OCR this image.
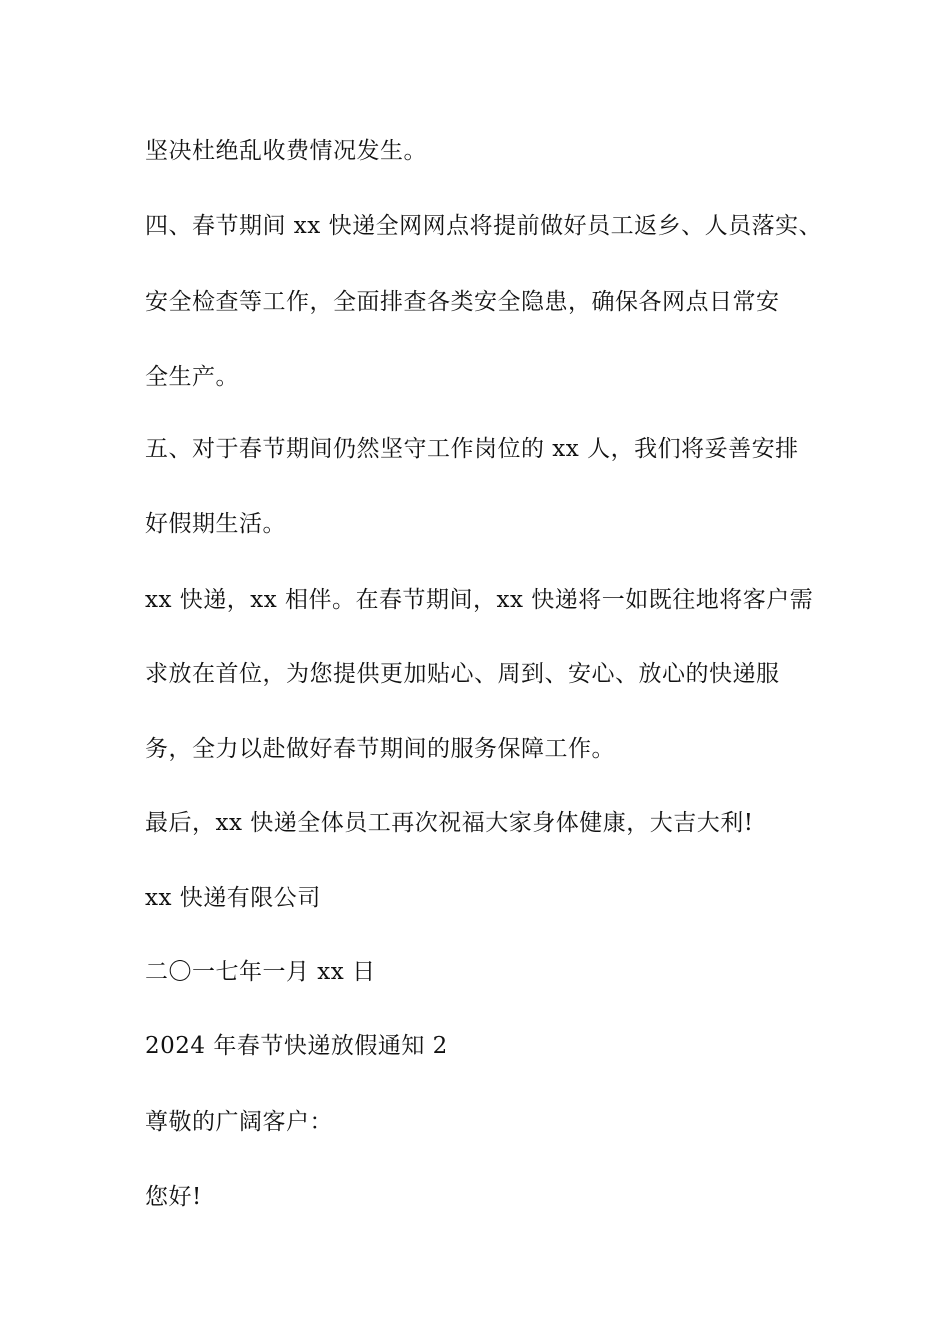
坚决杜绝乱收费情况发生。
四、春节期间 xx 快递全网网点将提前做好员工返乡、人员落实、
安全检查等工作，全面排查各类安全隐患，确保各网点日常安
全生产。
五、对于春节期间仍然坚守工作岗位的 xx 人，我们将妥善安排
好假期生活。
xx 快递，xx 相伴。在春节期间，xx 快递将一如既往地将客户需
求放在首位，为您提供更加贴心、周到、安心、放心的快递服
务，全力以赴做好春节期间的服务保障工作。
最后，xx 快递全体员工再次祝福大家身体健康，大吉大利!
xx 快递有限公司
二〇一七年一月 xx 日
2024 年春节快递放假通知 2
尊敬的广阔客户：
您好!
